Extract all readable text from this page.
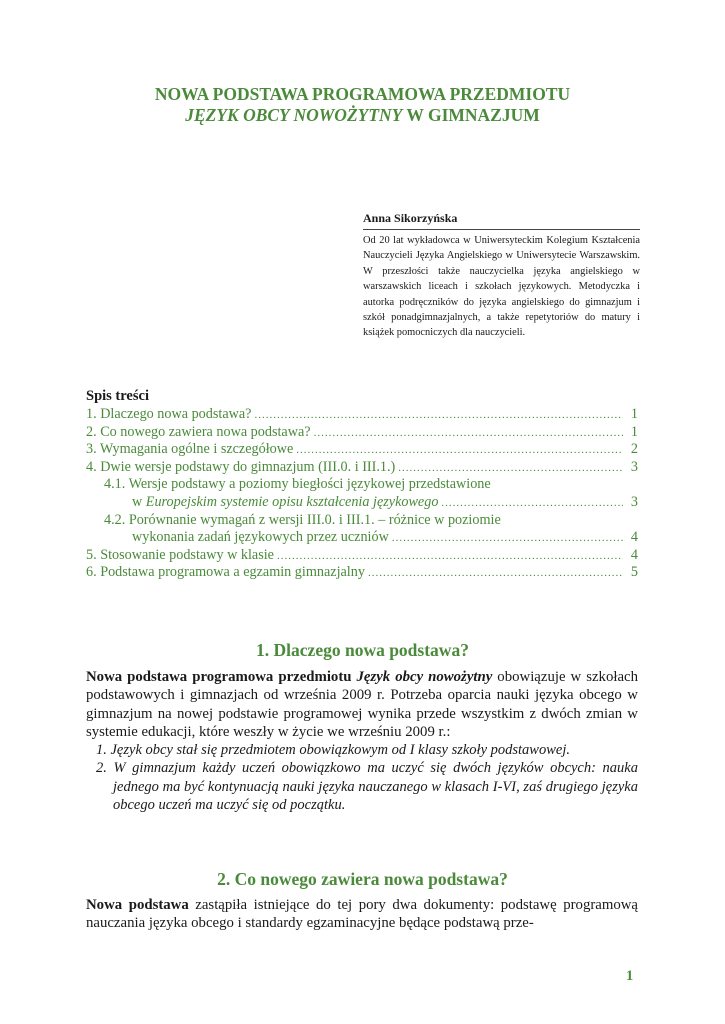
NOWA PODSTAWA PROGRAMOWA PRZEDMIOTU
JĘZYK OBCY NOWOŻYTNY W GIMNAZJUM
Anna Sikorzyńska
Od 20 lat wykładowca w Uniwersyteckim Kolegium Kształcenia Nauczycieli Języka Angielskiego w Uniwersytecie Warszawskim. W przeszłości także nauczycielka języka angielskiego w warszawskich liceach i szkołach językowych. Metodyczka i autorka podręczników do języka angielskiego do gimnazjum i szkół ponadgimnazjalnych, a także repetytoriów do matury i książek pomocniczych dla nauczycieli.
Spis treści
1. Dlaczego nowa podstawa? .....	1
2. Co nowego zawiera nowa podstawa? .....	1
3. Wymagania ogólne i szczegółowe .....	2
4. Dwie wersje podstawy do gimnazjum (III.0. i III.1.) .....	3
4.1. Wersje podstawy a poziomy biegłości językowej przedstawione
w Europejskim systemie opisu kształcenia językowego .....	3
4.2. Porównanie wymagań z wersji III.0. i III.1. – różnice w poziomie
wykonania zadań językowych przez uczniów .....	4
5. Stosowanie podstawy w klasie .....	4
6. Podstawa programowa a egzamin gimnazjalny .....	5
1. Dlaczego nowa podstawa?
Nowa podstawa programowa przedmiotu Język obcy nowożytny obowiązuje w szkołach podstawowych i gimnazjach od września 2009 r. Potrzeba oparcia nauki języka obcego w gimnazjum na nowej podstawie programowej wynika przede wszystkim z dwóch zmian w systemie edukacji, które weszły w życie we wrześniu 2009 r.:
1. Język obcy stał się przedmiotem obowiązkowym od I klasy szkoły podstawowej.
2. W gimnazjum każdy uczeń obowiązkowo ma uczyć się dwóch języków obcych: nauka jednego ma być kontynuacją nauki języka nauczanego w klasach I-VI, zaś drugiego języka obcego uczeń ma uczyć się od początku.
2. Co nowego zawiera nowa podstawa?
Nowa podstawa zastąpiła istniejące do tej pory dwa dokumenty: podstawę programową nauczania języka obcego i standardy egzaminacyjne będące podstawą prze-
1
